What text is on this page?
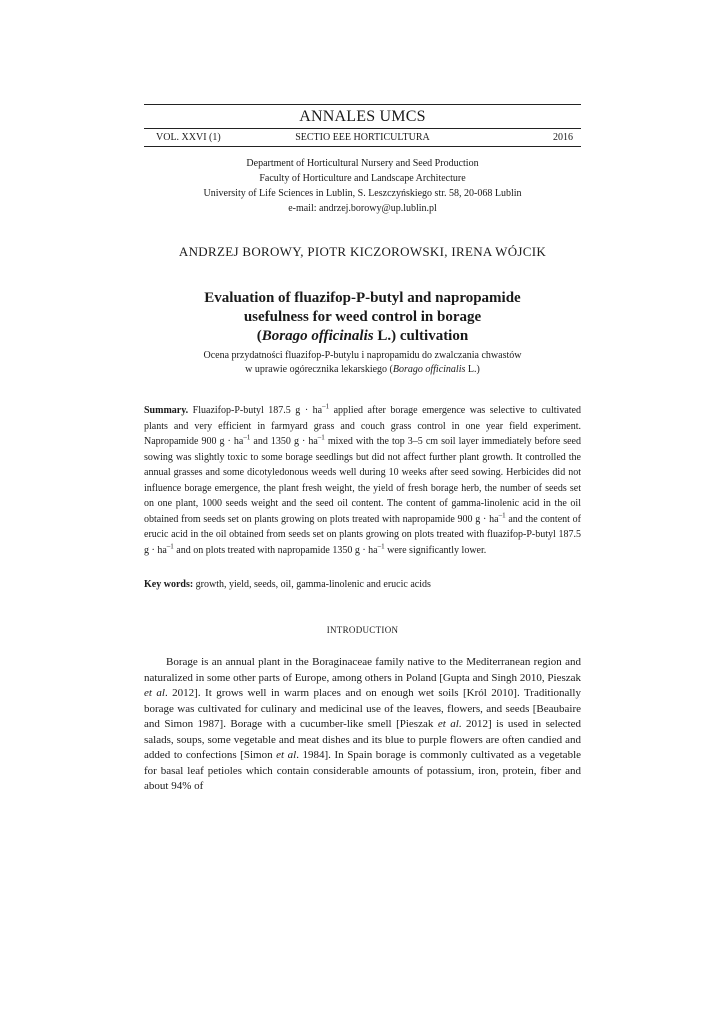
ANNALES UMCS
SECTIO EEE HORTICULTURA
VOL. XXVI (1)	2016
Department of Horticultural Nursery and Seed Production
Faculty of Horticulture and Landscape Architecture
University of Life Sciences in Lublin, S. Leszczyńskiego str. 58, 20-068 Lublin
e-mail: andrzej.borowy@up.lublin.pl
ANDRZEJ BOROWY, PIOTR KICZOROWSKI, IRENA WÓJCIK
Evaluation of fluazifop-P-butyl and napropamide
usefulness for weed control in borage
(Borago officinalis L.) cultivation
Ocena przydatności fluazifop-P-butylu i napropamidu do zwalczania chwastów
w uprawie ogórecznika lekarskiego (Borago officinalis L.)
Summary. Fluazifop-P-butyl 187.5 $g \cdot ha^{-1}$ applied after borage emergence was selective to cultivated plants and very efficient in farmyard grass and couch grass control in one year field experiment. Napropamide 900 $g \cdot ha^{-1}$ and 1350 $g \cdot ha^{-1}$ mixed with the top 3–5 cm soil layer immediately before seed sowing was slightly toxic to some borage seedlings but did not affect further plant growth. It controlled the annual grasses and some dicotyledonous weeds well during 10 weeks after seed sowing. Herbicides did not influence borage emergence, the plant fresh weight, the yield of fresh borage herb, the number of seeds set on one plant, 1000 seeds weight and the seed oil content. The content of gamma-linolenic acid in the oil obtained from seeds set on plants growing on plots treated with napropamide 900 $g \cdot ha^{-1}$ and the content of erucic acid in the oil obtained from seeds set on plants growing on plots treated with fluazifop-P-butyl 187.5 $g \cdot ha^{-1}$ and on plots treated with napropamide 1350 $g \cdot ha^{-1}$ were significantly lower.
Key words: growth, yield, seeds, oil, gamma-linolenic and erucic acids
INTRODUCTION
Borage is an annual plant in the Boraginaceae family native to the Mediterranean region and naturalized in some other parts of Europe, among others in Poland [Gupta and Singh 2010, Pieszak et al. 2012]. It grows well in warm places and on enough wet soils [Król 2010]. Traditionally borage was cultivated for culinary and medicinal use of the leaves, flowers, and seeds [Beaubaire and Simon 1987]. Borage with a cucumber-like smell [Pieszak et al. 2012] is used in selected salads, soups, some vegetable and meat dishes and its blue to purple flowers are often candied and added to confections [Simon et al. 1984]. In Spain borage is commonly cultivated as a vegetable for basal leaf petioles which contain considerable amounts of potassium, iron, protein, fiber and about 94% of
